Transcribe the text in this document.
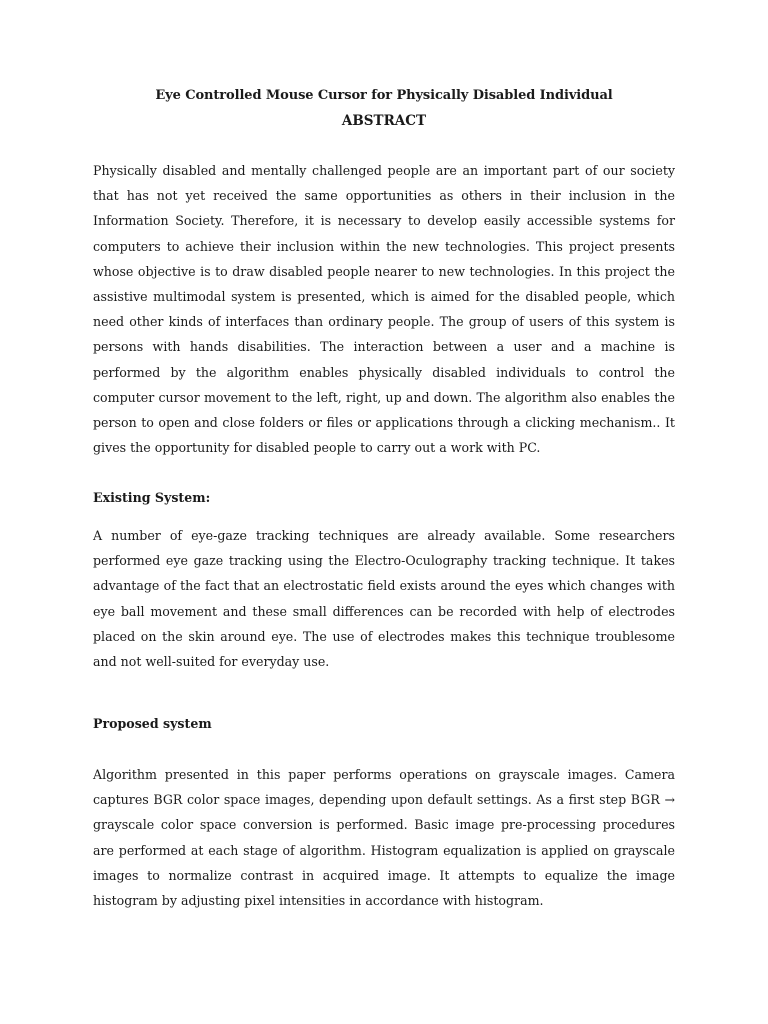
Eye Controlled Mouse Cursor for Physically Disabled Individual
ABSTRACT

Physically disabled and mentally challenged people are an important part of our society that has not yet received the same opportunities as others in their inclusion in the Information Society. Therefore, it is necessary to develop easily accessible systems for computers to achieve their inclusion within the new technologies. This project presents whose objective is to draw disabled people nearer to new technologies. In this project the assistive multimodal system is presented, which is aimed for the disabled people, which need other kinds of interfaces than ordinary people. The group of users of this system is persons with hands disabilities. The interaction between a user and a machine is performed by the algorithm enables physically disabled individuals to control the computer cursor movement to the left, right, up and down. The algorithm also enables the person to open and close folders or files or applications through a clicking mechanism.. It gives the opportunity for disabled people to carry out a work with PC.

Existing System:

A number of eye-gaze tracking techniques are already available. Some researchers performed eye gaze tracking using the Electro-Oculography tracking technique. It takes advantage of the fact that an electrostatic field exists around the eyes which changes with eye ball movement and these small differences can be recorded with help of electrodes placed on the skin around eye. The use of electrodes makes this technique troublesome and not well-suited for everyday use.

Proposed system

Algorithm presented in this paper performs operations on grayscale images. Camera captures BGR color space images, depending upon default settings. As a first step BGR → grayscale color space conversion is performed. Basic image pre-processing procedures are performed at each stage of algorithm. Histogram equalization is applied on grayscale images to normalize contrast in acquired image. It attempts to equalize the image histogram by adjusting pixel intensities in accordance with histogram.
